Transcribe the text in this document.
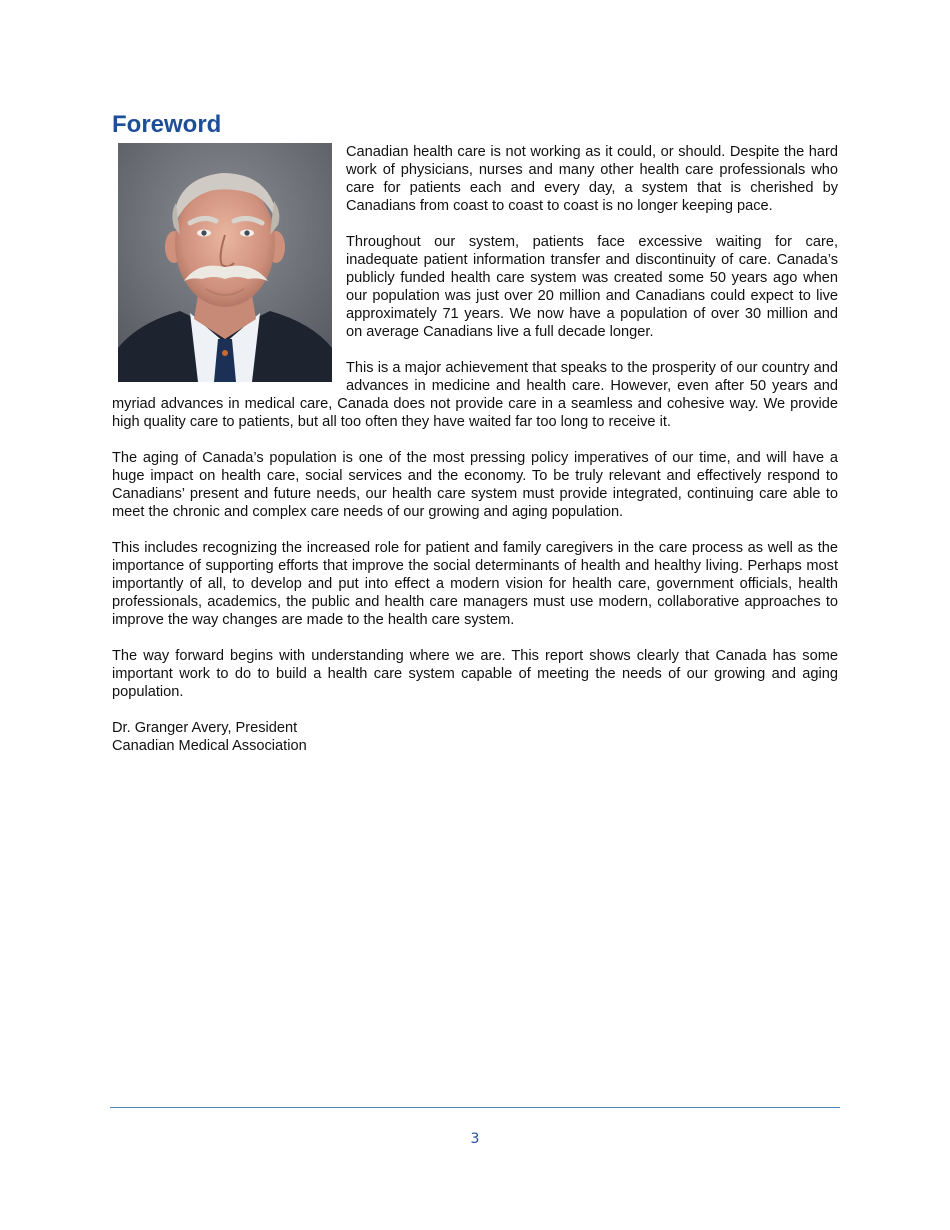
Foreword

Canadian health care is not working as it could, or should. Despite the hard work of physicians, nurses and many other health care professionals who care for patients each and every day, a system that is cherished by Canadians from coast to coast to coast is no longer keeping pace.

Throughout our system, patients face excessive waiting for care, inadequate patient information transfer and discontinuity of care. Canada’s publicly funded health care system was created some 50 years ago when our population was just over 20 million and Canadians could expect to live approximately 71 years. We now have a population of over 30 million and on average Canadians live a full decade longer.

This is a major achievement that speaks to the prosperity of our country and advances in medicine and health care. However, even after 50 years and myriad advances in medical care, Canada does not provide care in a seamless and cohesive way. We provide high quality care to patients, but all too often they have waited far too long to receive it.

The aging of Canada’s population is one of the most pressing policy imperatives of our time, and will have a huge impact on health care, social services and the economy. To be truly relevant and effectively respond to Canadians’ present and future needs, our health care system must provide integrated, continuing care able to meet the chronic and complex care needs of our growing and aging population.

This includes recognizing the increased role for patient and family caregivers in the care process as well as the importance of supporting efforts that improve the social determinants of health and healthy living. Perhaps most importantly of all, to develop and put into effect a modern vision for health care, government officials, health professionals, academics, the public and health care managers must use modern, collaborative approaches to improve the way changes are made to the health care system.

The way forward begins with understanding where we are. This report shows clearly that Canada has some important work to do to build a health care system capable of meeting the needs of our growing and aging population.

Dr. Granger Avery, President
Canadian Medical Association
3
